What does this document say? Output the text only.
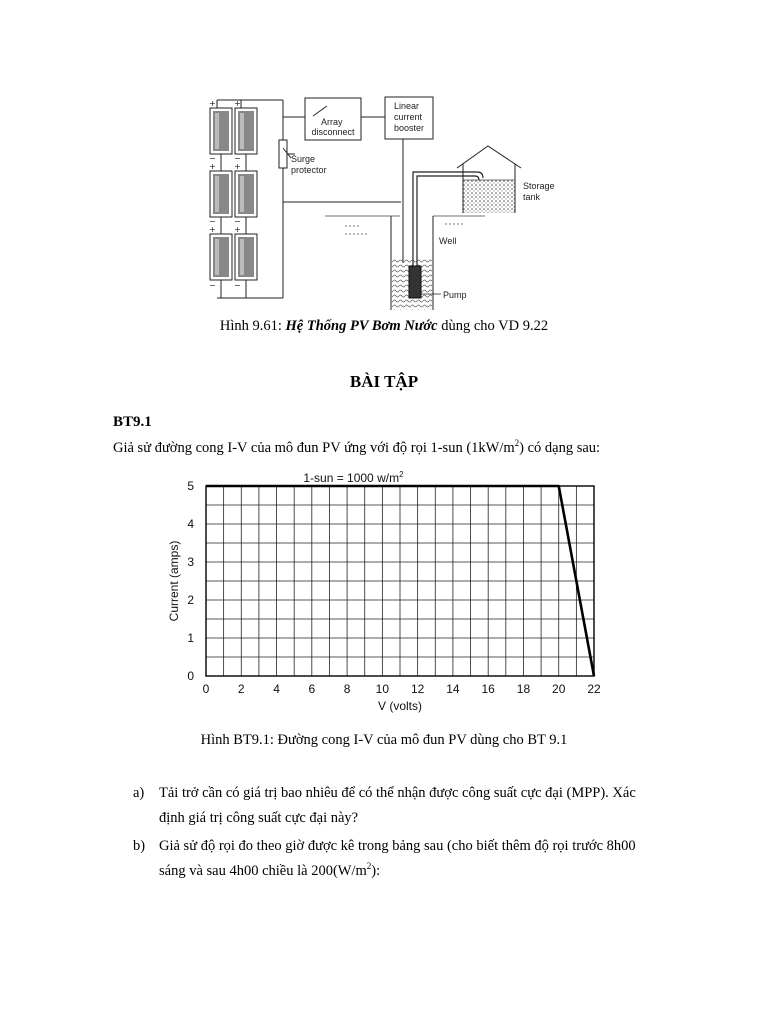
+ +
− −
+ +
− −
+ +
− −
Surge protector
Array disconnect
Linear current booster
Well
Pump
Storage tank
Hình 9.61: Hệ Thống PV Bơm Nước dùng cho VD 9.22
BÀI TẬP
BT9.1
Giả sử đường cong I-V của mô đun PV ứng với độ rọi 1-sun $(1kW/m^2)$ có dạng sau:
0 2 4 6 8 10 12 14 16 18 20 22
0
1
2
3
4
5
1-sun = 1000 $w/m^2$
V (volts)
Current (amps)
Hình BT9.1: Đường cong I-V của mô đun PV dùng cho BT 9.1
a) Tải trở cần có giá trị bao nhiêu để có thể nhận được công suất cực đại (MPP). Xác định giá trị công suất cực đại này?
b) Giả sử độ rọi đo theo giờ được kê trong bảng sau (cho biết thêm độ rọi trước 8h00 sáng và sau 4h00 chiều là $200(W/m^2)$:
